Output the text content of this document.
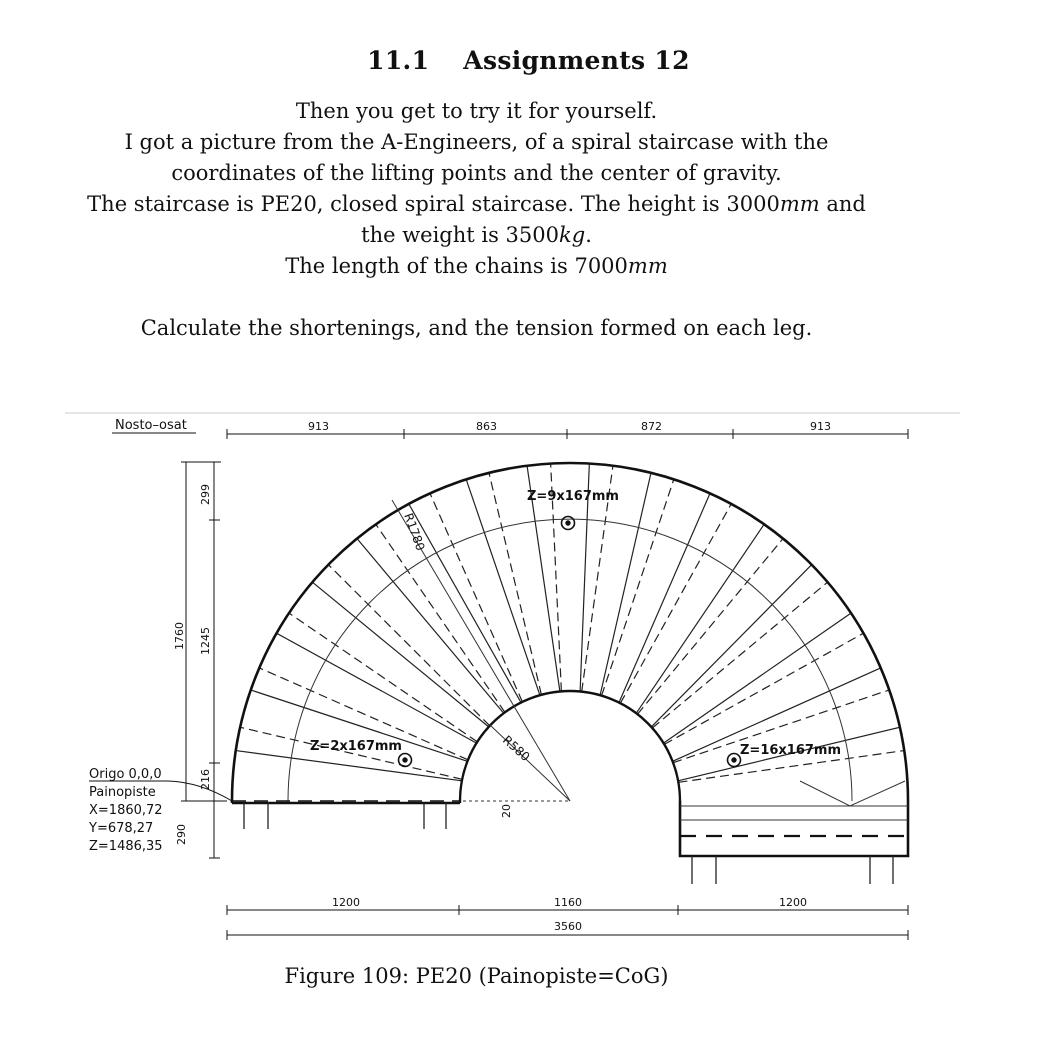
11.1 Assignments 12
Then you get to try it for yourself.
I got a picture from the A-Engineers, of a spiral staircase with the
coordinates of the lifting points and the center of gravity.
The staircase is PE20, closed spiral staircase. The height is 3000mm and
the weight is 3500kg.
The length of the chains is 7000mm
Calculate the shortenings, and the tension formed on each leg.
R1780
R580
20
Z=9x167mm
Z=2x167mm	Z=16x167mm
Nosto–osat	913	863	872	913
1760
299
1245
216
290
Origo 0,0,0
Painopiste
X=1860,72
Y=678,27
Z=1486,35
1200	1160	1200
3560
Figure 109: PE20 (Painopiste=CoG)
